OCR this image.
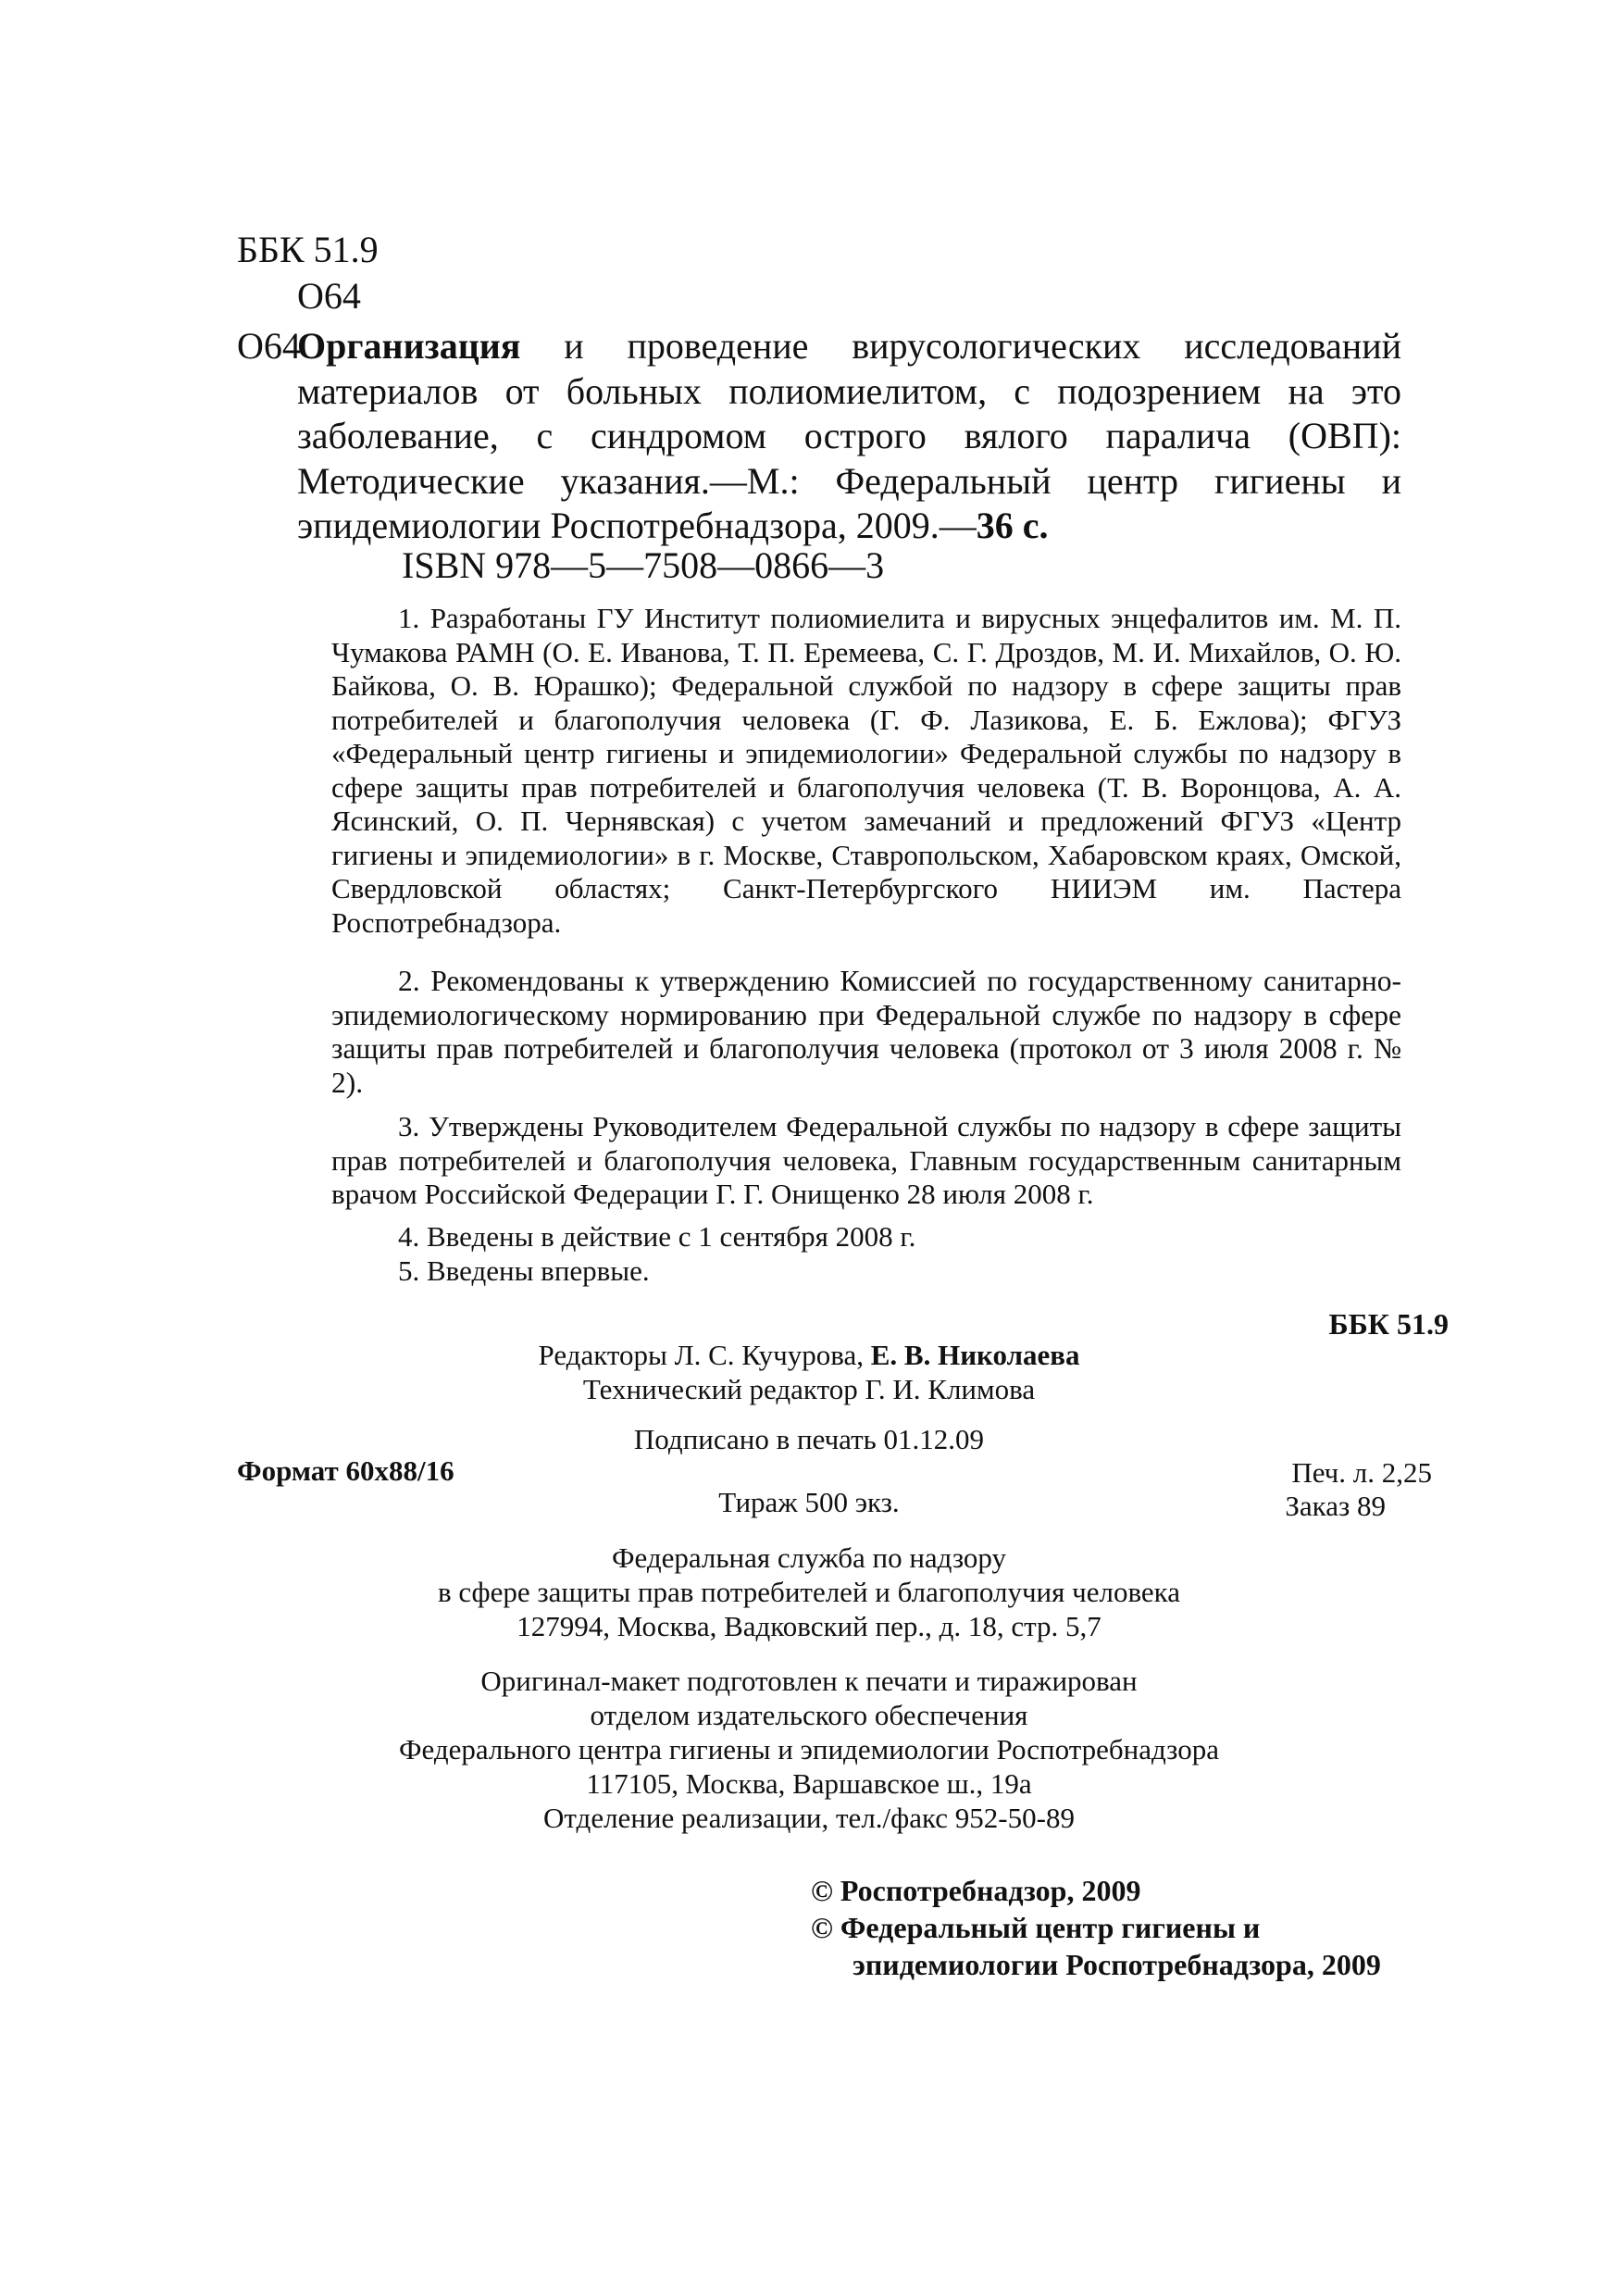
ББК 51.9
О64
О64
Организация и проведение вирусологических исследований материалов от больных полиомиелитом, с подозрением на это заболевание, с синдромом острого вялого паралича (ОВП): Методические указания.—М.: Федеральный центр гигиены и эпидемиологии Роспотребнадзора, 2009.—36 с.
ISBN 978—5—7508—0866—3
1. Разработаны ГУ Институт полиомиелита и вирусных энцефалитов им. М. П. Чумакова РАМН (О. Е. Иванова, Т. П. Еремеева, С. Г. Дроздов, М. И. Михайлов, О. Ю. Байкова, О. В. Юрашко); Федеральной службой по надзору в сфере защиты прав потребителей и благополучия человека (Г. Ф. Лазикова, Е. Б. Ежлова); ФГУЗ «Федеральный центр гигиены и эпидемиологии» Федеральной службы по надзору в сфере защиты прав потребителей и благополучия человека (Т. В. Воронцова, А. А. Ясинский, О. П. Чернявская) с учетом замечаний и предложений ФГУЗ «Центр гигиены и эпидемиологии» в г. Москве, Ставропольском, Хабаровском краях, Омской, Свердловской областях; Санкт-Петербургского НИИЭМ им. Пастера Роспотребнадзора.
2. Рекомендованы к утверждению Комиссией по государственному санитарно-эпидемиологическому нормированию при Федеральной службе по надзору в сфере защиты прав потребителей и благополучия человека (протокол от 3 июля 2008 г. № 2).
3. Утверждены Руководителем Федеральной службы по надзору в сфере защиты прав потребителей и благополучия человека, Главным государственным санитарным врачом Российской Федерации Г. Г. Онищенко 28 июля 2008 г.
4. Введены в действие с 1 сентября 2008 г.
5. Введены впервые.
ББК 51.9
Редакторы Л. С. Кучурова, Е. В. Николаева
Технический редактор Г. И. Климова
Подписано в печать 01.12.09
Формат 60х88/16	Печ. л. 2,25
Тираж 500 экз.	Заказ 89
Федеральная служба по надзору
в сфере защиты прав потребителей и благополучия человека
127994, Москва, Вадковский пер., д. 18, стр. 5,7
Оригинал-макет подготовлен к печати и тиражирован
отделом издательского обеспечения
Федерального центра гигиены и эпидемиологии Роспотребнадзора
117105, Москва, Варшавское ш., 19а
Отделение реализации, тел./факс 952-50-89
© Роспотребнадзор, 2009
© Федеральный центр гигиены и
эпидемиологии Роспотребнадзора, 2009
